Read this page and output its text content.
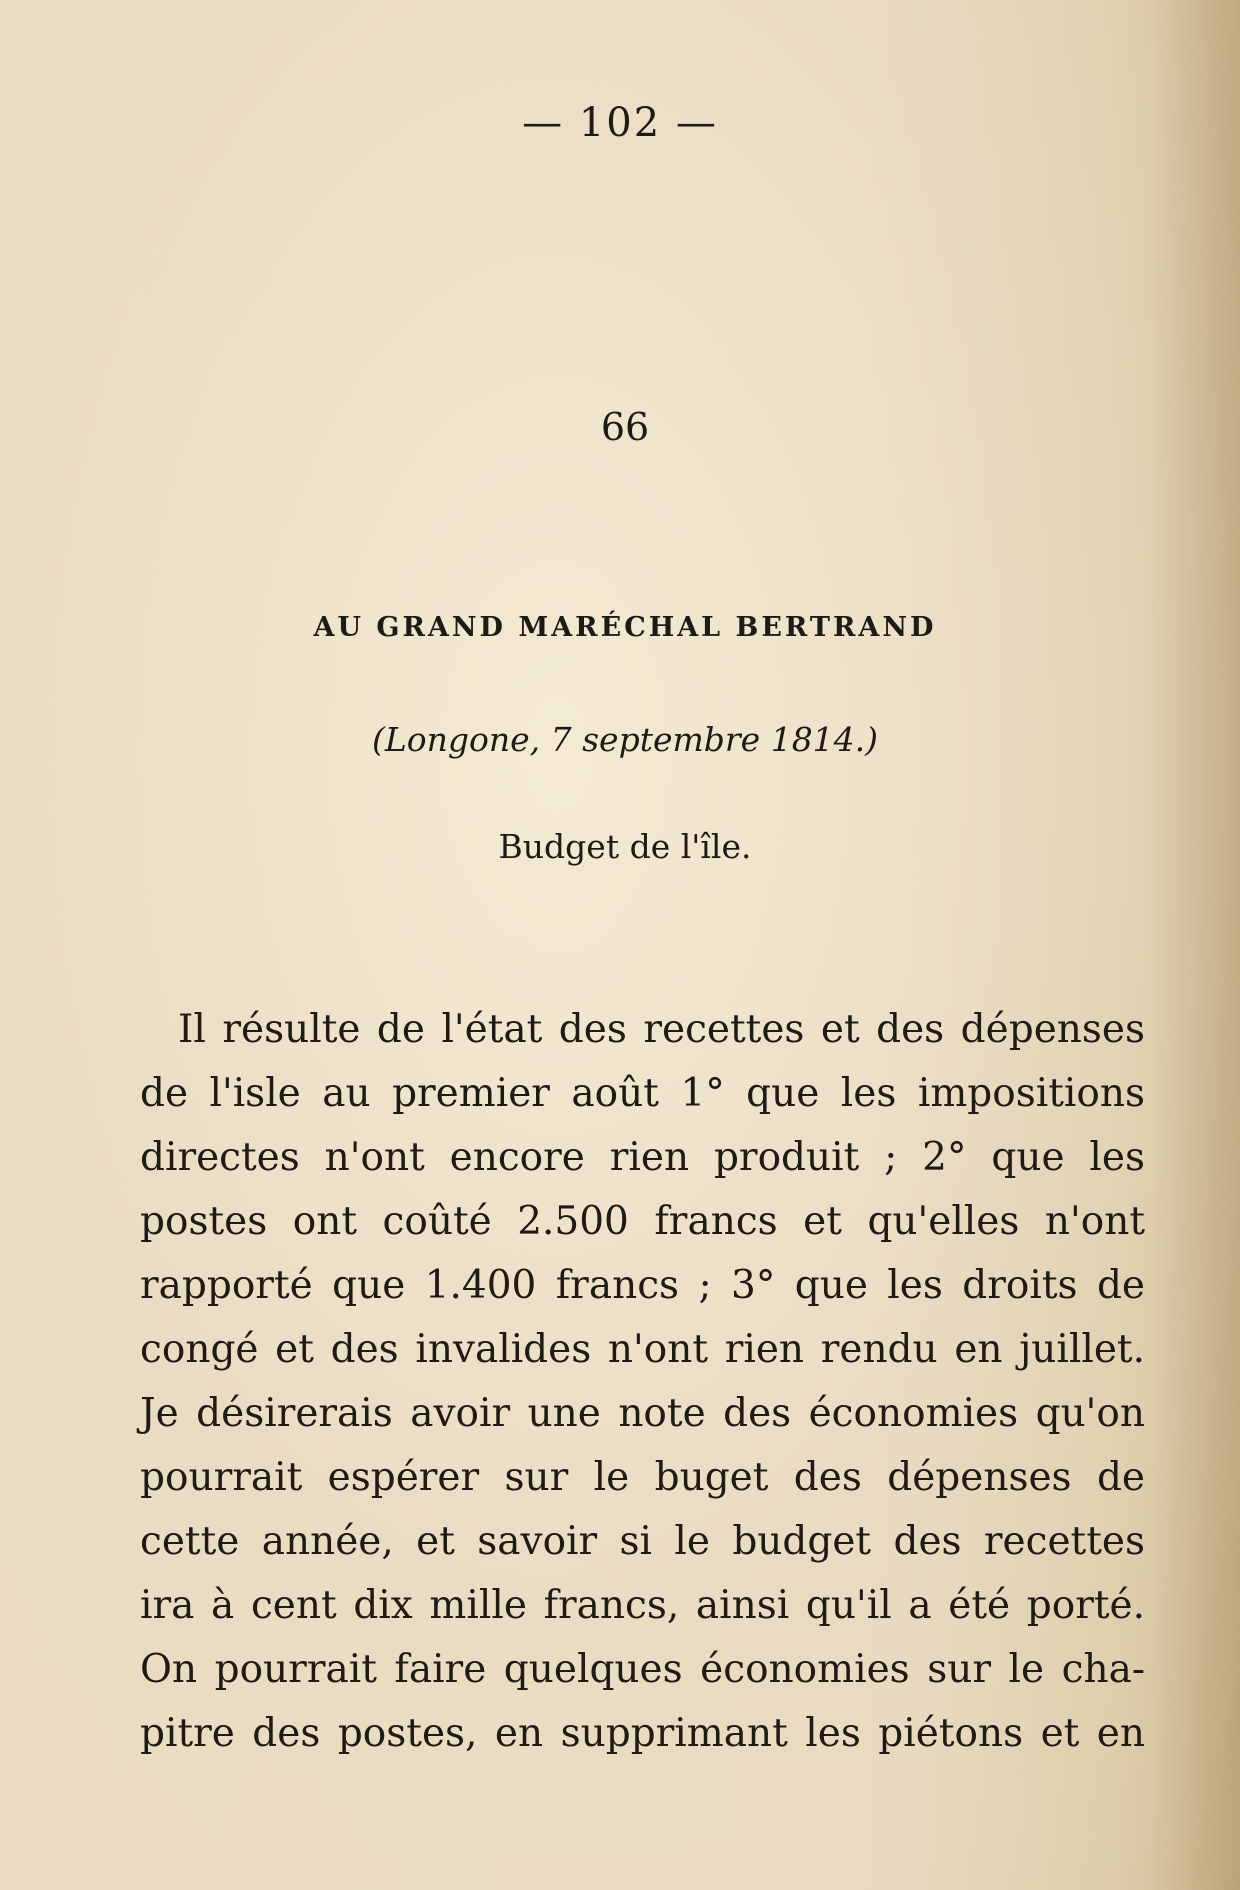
— 102 —
66
AU GRAND MARÉCHAL BERTRAND
(Longone, 7 septembre 1814.)
Budget de l'île.
Il résulte de l'état des recettes et des dépenses
de l'isle au premier août 1° que les impositions
directes n'ont encore rien produit ; 2° que les
postes ont coûté 2.500 francs et qu'elles n'ont
rapporté que 1.400 francs ; 3° que les droits de
congé et des invalides n'ont rien rendu en juillet.
Je désirerais avoir une note des économies qu'on
pourrait espérer sur le buget des dépenses de
cette année, et savoir si le budget des recettes
ira à cent dix mille francs, ainsi qu'il a été porté.
On pourrait faire quelques économies sur le cha-
pitre des postes, en supprimant les piétons et en
